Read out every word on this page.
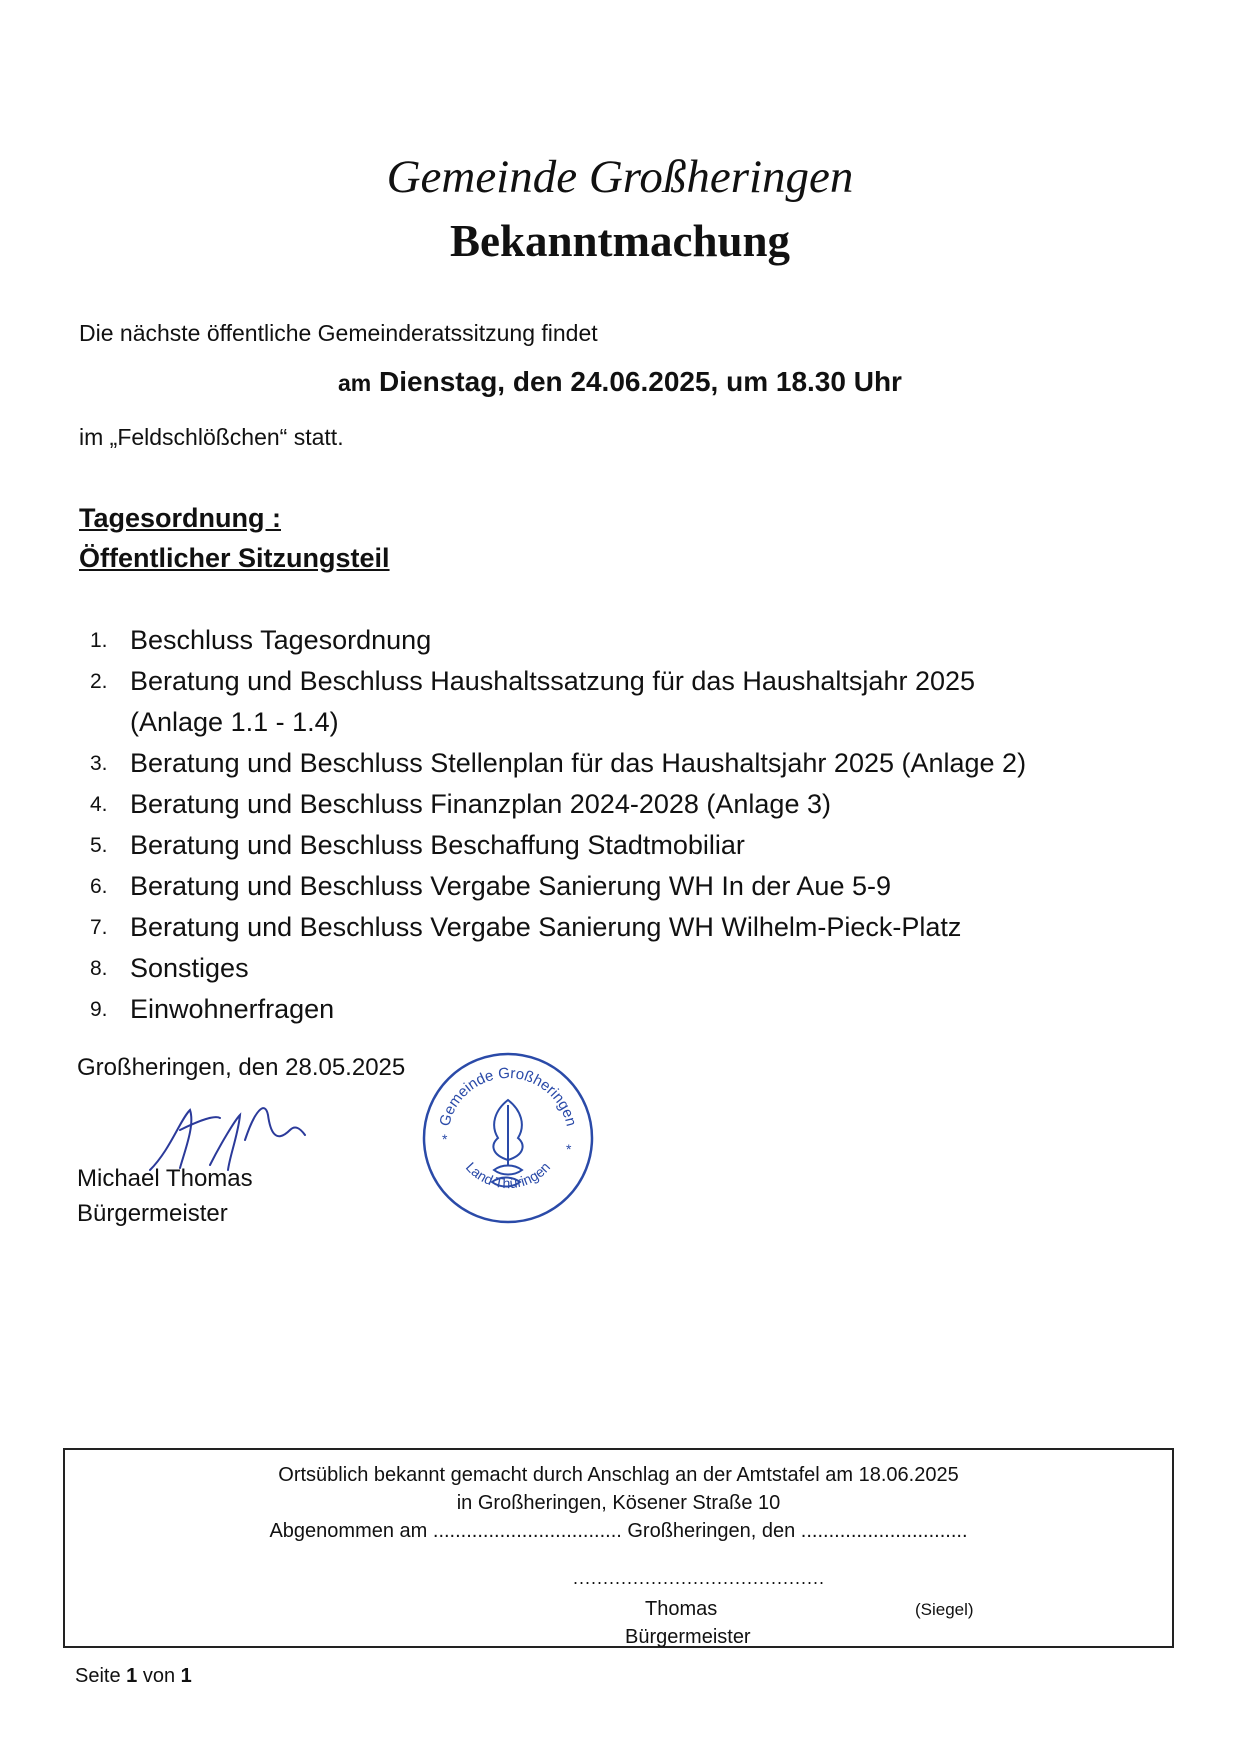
Gemeinde Großheringen
Bekanntmachung
Die nächste öffentliche Gemeinderatssitzung findet
am Dienstag, den 24.06.2025, um 18.30 Uhr
im „Feldschlößchen“ statt.
Tagesordnung :
Öffentlicher Sitzungsteil
1. Beschluss Tagesordnung
2. Beratung und Beschluss Haushaltssatzung für das Haushaltsjahr 2025
(Anlage 1.1 - 1.4)
3. Beratung und Beschluss Stellenplan für das Haushaltsjahr 2025 (Anlage 2)
4. Beratung und Beschluss Finanzplan 2024-2028 (Anlage 3)
5. Beratung und Beschluss Beschaffung Stadtmobiliar
6. Beratung und Beschluss Vergabe Sanierung WH In der Aue 5-9
7. Beratung und Beschluss Vergabe Sanierung WH Wilhelm-Pieck-Platz
8. Sonstiges
9. Einwohnerfragen
Großheringen, den 28.05.2025
Michael Thomas
Bürgermeister
Gemeinde Großheringen
Land Thüringen
*
*
Ortsüblich bekannt gemacht durch Anschlag an der Amtstafel am 18.06.2025
in Großheringen, Kösener Straße 10
Abgenommen am .................................. Großheringen, den ..............................
..........................................
Thomas	(Siegel)
Bürgermeister
Seite 1 von 1
